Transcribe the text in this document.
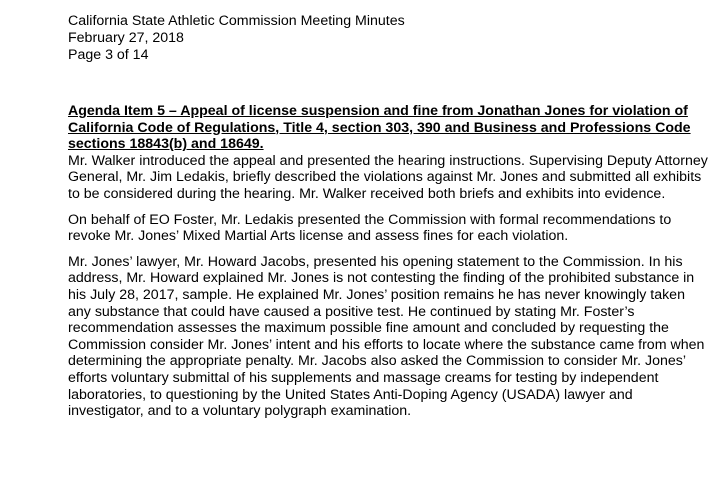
California State Athletic Commission Meeting Minutes
February 27, 2018
Page 3 of 14
Agenda Item 5 – Appeal of license suspension and fine from Jonathan Jones for violation of California Code of Regulations, Title 4, section 303, 390 and Business and Professions Code sections 18843(b) and 18649.

Mr. Walker introduced the appeal and presented the hearing instructions. Supervising Deputy Attorney General, Mr. Jim Ledakis, briefly described the violations against Mr. Jones and submitted all exhibits to be considered during the hearing. Mr. Walker received both briefs and exhibits into evidence.

On behalf of EO Foster, Mr. Ledakis presented the Commission with formal recommendations to revoke Mr. Jones’ Mixed Martial Arts license and assess fines for each violation.

Mr. Jones’ lawyer, Mr. Howard Jacobs, presented his opening statement to the Commission. In his address, Mr. Howard explained Mr. Jones is not contesting the finding of the prohibited substance in his July 28, 2017, sample. He explained Mr. Jones’ position remains he has never knowingly taken any substance that could have caused a positive test. He continued by stating Mr. Foster’s recommendation assesses the maximum possible fine amount and concluded by requesting the Commission consider Mr. Jones’ intent and his efforts to locate where the substance came from when determining the appropriate penalty. Mr. Jacobs also asked the Commission to consider Mr. Jones’ efforts voluntary submittal of his supplements and massage creams for testing by independent laboratories, to questioning by the United States Anti-Doping Agency (USADA) lawyer and investigator, and to a voluntary polygraph examination.
